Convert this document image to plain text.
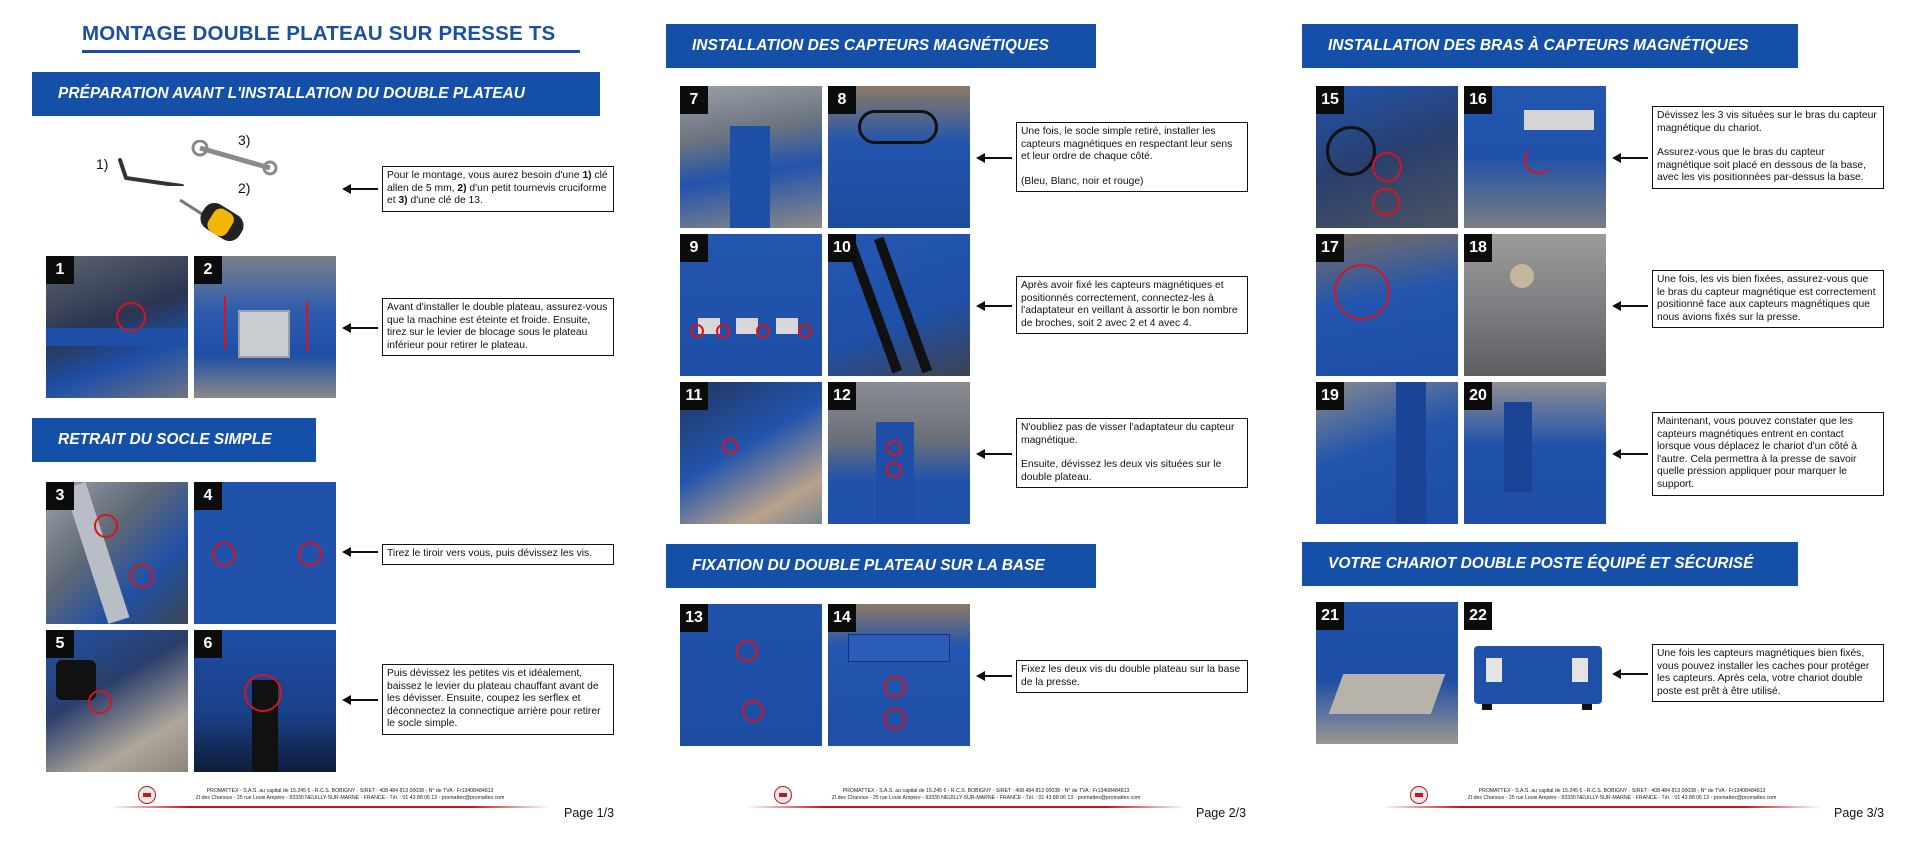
MONTAGE DOUBLE PLATEAU SUR PRESSE TS
PRÉPARATION AVANT L'INSTALLATION DU DOUBLE PLATEAU
1)
2)
3)
Pour le montage, vous aurez besoin d'une 1) clé allen de 5 mm, 2) d'un petit tournevis cruciforme et 3) d'une clé de 13.
1	2
Avant d'installer le double plateau, assurez-vous que la machine est éteinte et froide. Ensuite, tirez sur le levier de blocage sous le plateau inférieur pour retirer le plateau.
RETRAIT DU SOCLE SIMPLE
3	4
Tirez le tiroir vers vous, puis dévissez les vis.
5	6
Puis dévissez les petites vis et idéalement, baissez le levier du plateau chauffant avant de les dévisser. Ensuite, coupez les serflex et déconnectez la connectique arrière pour retirer le socle simple.
PROMATTEX - S.A.S. au capital de 15.245 € - R.C.S. BOBIGNY - SIRET : 408 484 813 00038 - N° de TVA : Fr13408484813
ZI des Chanoux - 25 rue Louis Ampère - 93330 NEUILLY-SUR-MARNE - FRANCE - Tél. : 01 43 88 06 13 - promattex@promattex.com
Page 1/3
INSTALLATION DES CAPTEURS MAGNÉTIQUES
7	8
Une fois, le socle simple retiré, installer les capteurs magnétiques en respectant leur sens et leur ordre de chaque côté.
(Bleu, Blanc, noir et rouge)
9	10
Après avoir fixé les capteurs magnétiques et positionnés correctement, connectez-les à l'adaptateur en veillant à assortir le bon nombre de broches, soit 2 avec 2 et 4 avec 4.
11	12
N'oubliez pas de visser l'adaptateur du capteur magnétique.
Ensuite, dévissez les deux vis situées sur le double plateau.
FIXATION DU DOUBLE PLATEAU SUR LA BASE
13	14
Fixez les deux vis du double plateau sur la base de la presse.
PROMATTEX - S.A.S. au capital de 15.245 € - R.C.S. BOBIGNY - SIRET : 408 484 813 00038 - N° de TVA : Fr13408484813
ZI des Chanoux - 25 rue Louis Ampère - 93330 NEUILLY-SUR-MARNE - FRANCE - Tél. : 01 43 88 06 13 - promattex@promattex.com
Page 2/3
INSTALLATION DES BRAS À CAPTEURS MAGNÉTIQUES
15	16
Dévissez les 3 vis situées sur le bras du capteur magnétique du chariot.
Assurez-vous que le bras du capteur magnétique soit placé en dessous de la base, avec les vis positionnées par-dessus la base.
17	18
Une fois, les vis bien fixées, assurez-vous que le bras du capteur magnétique est correctement positionné face aux capteurs magnétiques que nous avions fixés sur la presse.
19	20
Maintenant, vous pouvez constater que les capteurs magnétiques entrent en contact lorsque vous déplacez le chariot d'un côté à l'autre. Cela permettra à la presse de savoir quelle pression appliquer pour marquer le support.
VOTRE CHARIOT DOUBLE POSTE ÉQUIPÉ ET SÉCURISÉ
21	22
Une fois les capteurs magnétiques bien fixés, vous pouvez installer les caches pour protéger les capteurs. Après cela, votre chariot double poste est prêt à être utilisé.
PROMATTEX - S.A.S. au capital de 15.245 € - R.C.S. BOBIGNY - SIRET : 408 484 813 00038 - N° de TVA : Fr13408484813
ZI des Chanoux - 25 rue Louis Ampère - 93330 NEUILLY-SUR-MARNE - FRANCE - Tél. : 01 43 88 06 13 - promattex@promattex.com
Page 3/3
